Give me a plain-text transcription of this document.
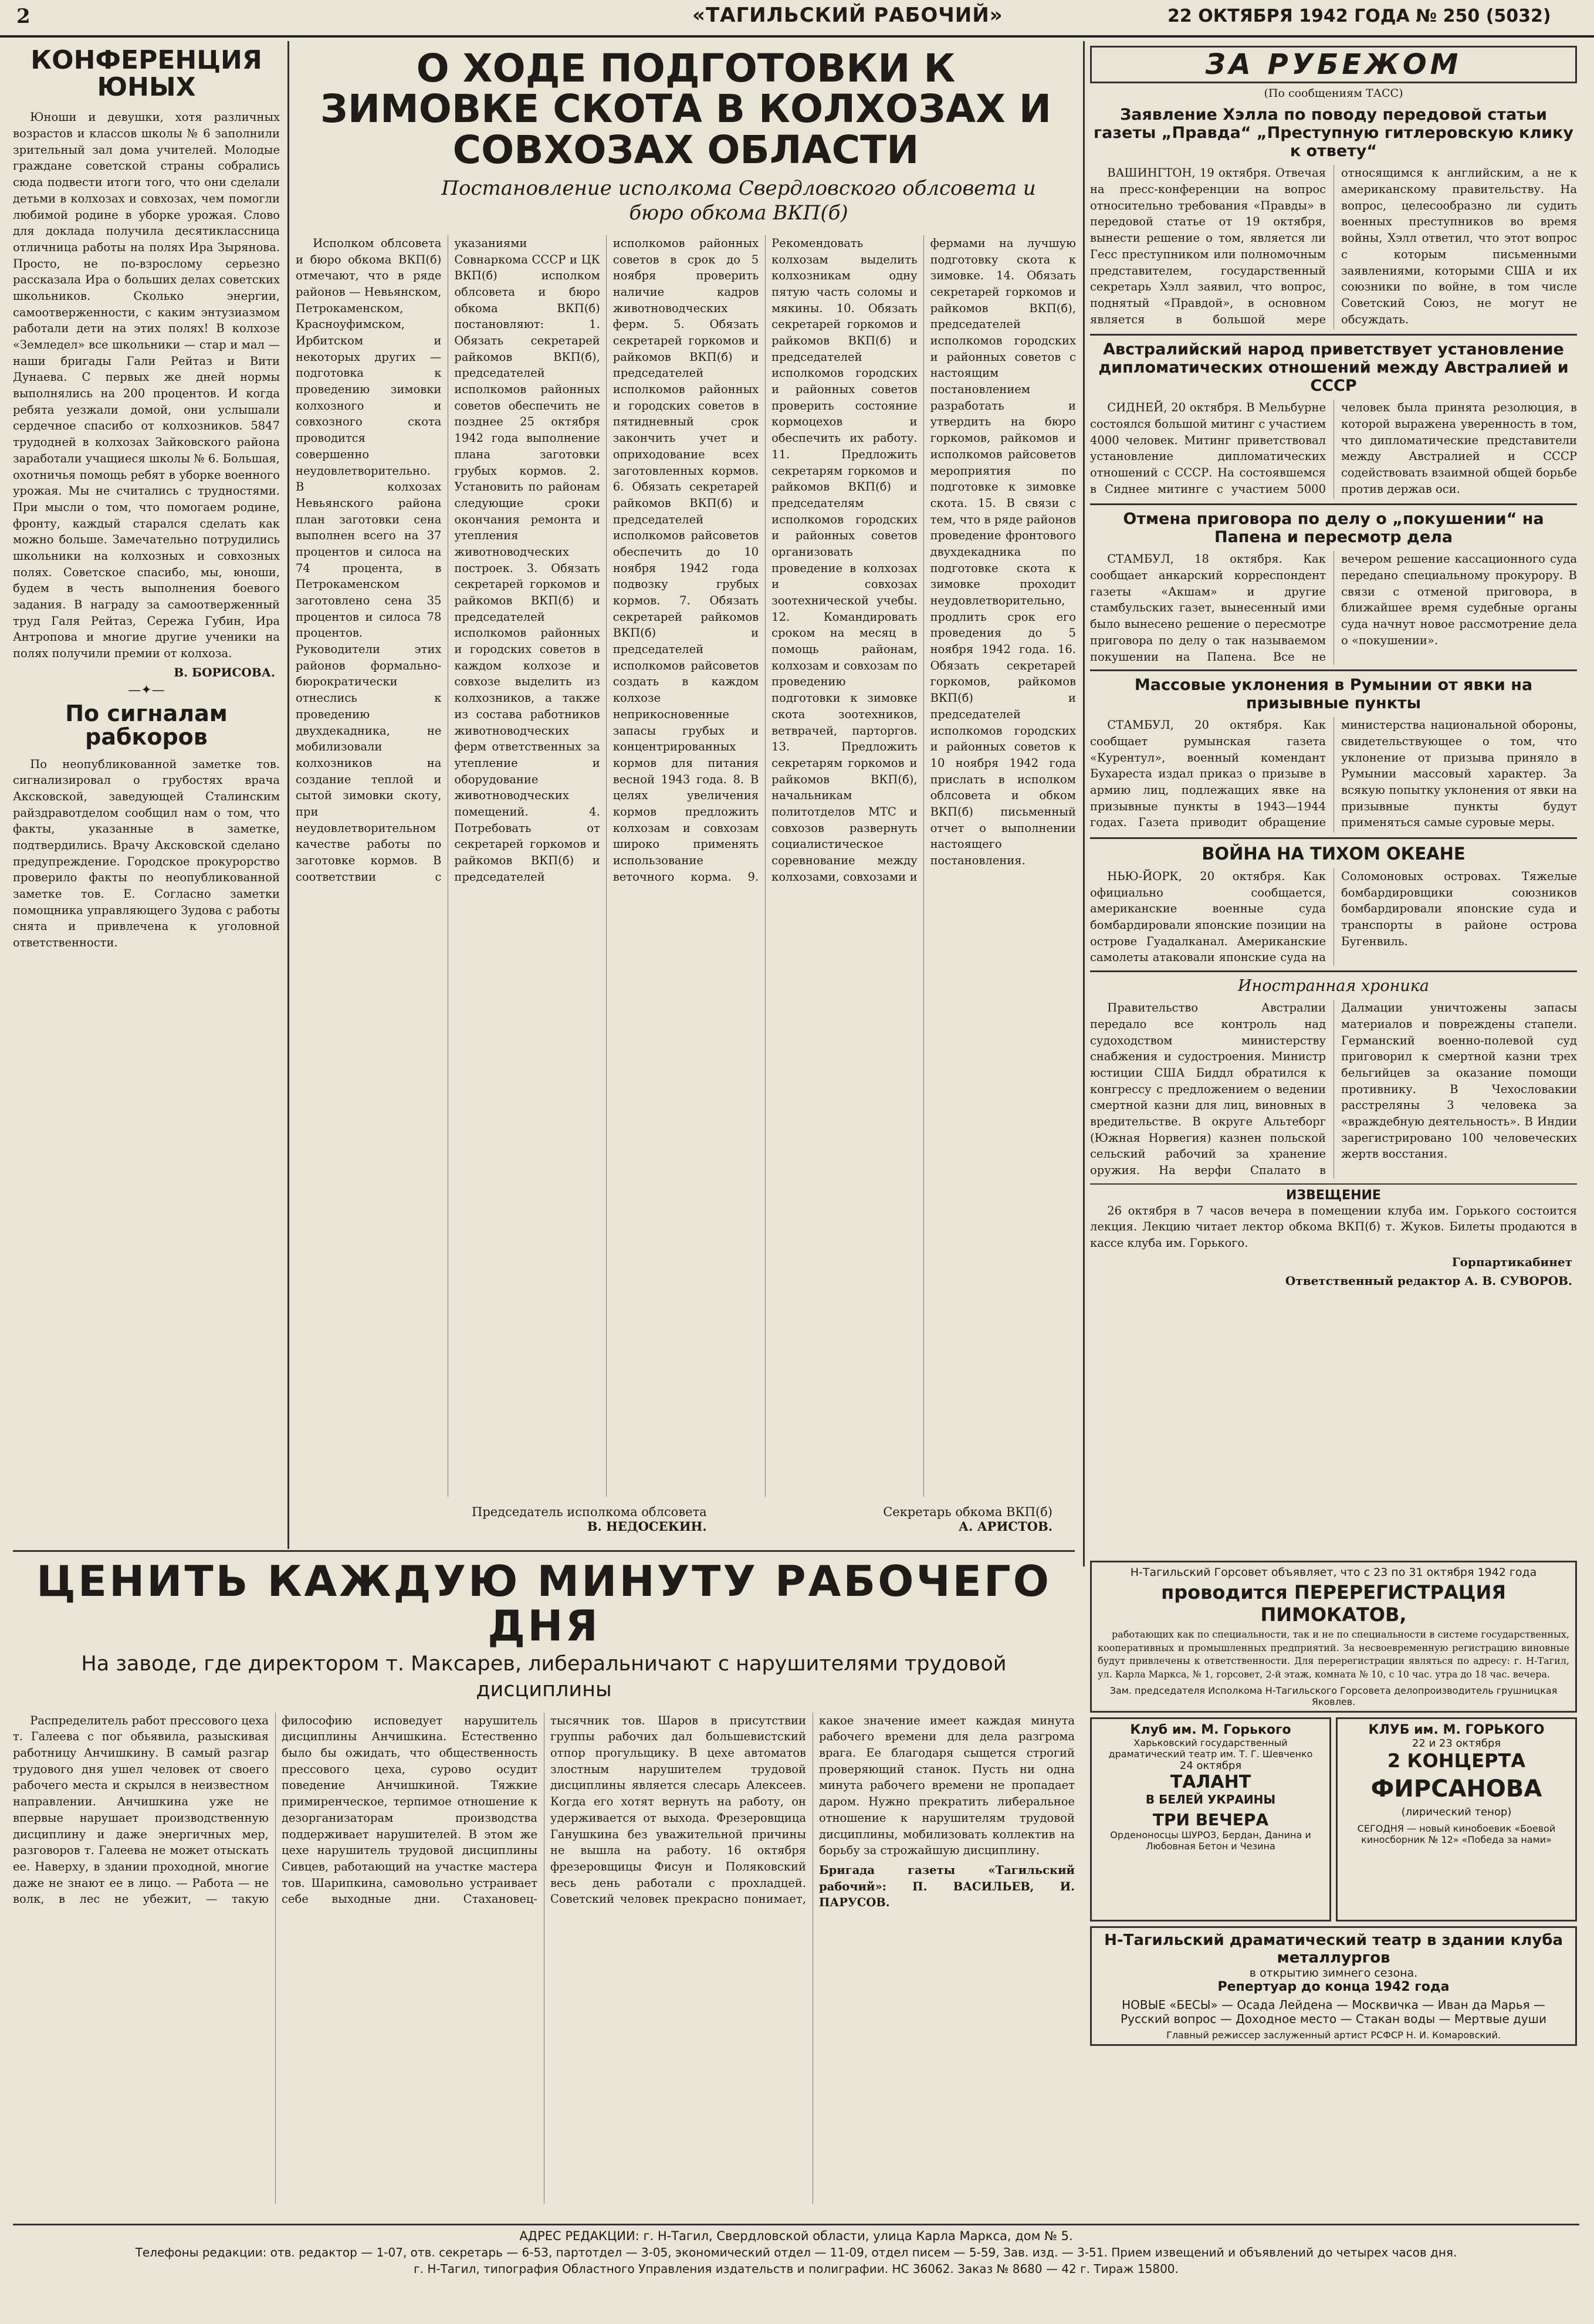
2	«ТАГИЛЬСКИЙ РАБОЧИЙ»	22 ОКТЯБРЯ 1942 ГОДА № 250 (5032)
КОНФЕРЕНЦИЯ ЮНЫХ

Юноши и девушки, хотя различных возрастов и классов школы № 6 заполнили зрительный зал дома учителей. Молодые граждане советской страны собрались сюда подвести итоги того, что они сделали детьми в колхозах и совхозах, чем помогли любимой родине в уборке урожая. Слово для доклада получила десятиклассница отличница работы на полях Ира Зырянова. Просто, не по-взрослому серьезно рассказала Ира о больших делах советских школьников. Сколько энергии, самоотверженности, с каким энтузиазмом работали дети на этих полях! В колхозе «Земледел» все школьники — стар и мал — наши бригады Гали Рейтаз и Вити Дунаева. С первых же дней нормы выполнялись на 200 процентов. И когда ребята уезжали домой, они услышали сердечное спасибо от колхозников. 5847 трудодней в колхозах Зайковского района заработали учащиеся школы № 6. Большая, охотничья помощь ребят в уборке военного урожая. Мы не считались с трудностями. При мысли о том, что помогаем родине, фронту, каждый старался сделать как можно больше. Замечательно потрудились школьники на колхозных и совхозных полях. Советское спасибо, мы, юноши, будем в честь выполнения боевого задания. В награду за самоотверженный труд Галя Рейтаз, Сережа Губин, Ира Антропова и многие другие ученики на полях получили премии от колхоза.

В. БОРИСОВА.
—✦—
По сигналам рабкоров

По неопубликованной заметке тов. сигнализировал о грубостях врача Аксковской, заведующей Сталинским райздравотделом сообщил нам о том, что факты, указанные в заметке, подтвердились. Врачу Аксковской сделано предупреждение. Городское прокурорство проверило факты по неопубликованной заметке тов. Е. Согласно заметки помощника управляющего Зудова с работы снята и привлечена к уголовной ответственности.

О ХОДЕ ПОДГОТОВКИ К ЗИМОВКЕ СКОТА В КОЛХОЗАХ И СОВХОЗАХ ОБЛАСТИ
Постановление исполкома Свердловского облсовета и бюро обкома ВКП(б)

Исполком облсовета и бюро обкома ВКП(б) отмечают, что в ряде районов — Невьянском, Петрокаменском, Красноуфимском, Ирбитском и некоторых других — подготовка к проведению зимовки колхозного и совхозного скота проводится совершенно неудовлетворительно. В колхозах Невьянского района план заготовки сена выполнен всего на 37 процентов и силоса на 74 процента, в Петрокаменском заготовлено сена 35 процентов и силоса 78 процентов. Руководители этих районов формально-бюрократически отнеслись к проведению двухдекадника, не мобилизовали колхозников на создание теплой и сытой зимовки скоту, при неудовлетворительном качестве работы по заготовке кормов. В соответствии с указаниями Совнаркома СССР и ЦК ВКП(б) исполком облсовета и бюро обкома ВКП(б) постановляют: 1. Обязать секретарей райкомов ВКП(б), председателей исполкомов районных советов обеспечить не позднее 25 октября 1942 года выполнение плана заготовки грубых кормов. 2. Установить по районам следующие сроки окончания ремонта и утепления животноводческих построек. 3. Обязать секретарей горкомов и райкомов ВКП(б) и председателей исполкомов районных и городских советов в каждом колхозе и совхозе выделить из колхозников, а также из состава работников животноводческих ферм ответственных за утепление и оборудование животноводческих помещений. 4. Потребовать от секретарей горкомов и райкомов ВКП(б) и председателей исполкомов районных советов в срок до 5 ноября проверить наличие кадров животноводческих ферм. 5. Обязать секретарей горкомов и райкомов ВКП(б) и председателей исполкомов районных и городских советов в пятидневный срок закончить учет и оприходование всех заготовленных кормов. 6. Обязать секретарей райкомов ВКП(б) и председателей исполкомов райсоветов обеспечить до 10 ноября 1942 года подвозку грубых кормов. 7. Обязать секретарей райкомов ВКП(б) и председателей исполкомов райсоветов создать в каждом колхозе неприкосновенные запасы грубых и концентрированных кормов для питания весной 1943 года. 8. В целях увеличения кормов предложить колхозам и совхозам широко применять использование веточного корма. 9. Рекомендовать колхозам выделить колхозникам одну пятую часть соломы и мякины. 10. Обязать секретарей горкомов и райкомов ВКП(б) и председателей исполкомов городских и районных советов проверить состояние кормоцехов и обеспечить их работу. 11. Предложить секретарям горкомов и райкомов ВКП(б) и председателям исполкомов городских и районных советов организовать проведение в колхозах и совхозах зоотехнической учебы. 12. Командировать сроком на месяц в помощь районам, колхозам и совхозам по проведению подготовки к зимовке скота зоотехников, ветврачей, парторгов. 13. Предложить секретарям горкомов и райкомов ВКП(б), начальникам политотделов МТС и совхозов развернуть социалистическое соревнование между колхозами, совхозами и фермами на лучшую подготовку скота к зимовке. 14. Обязать секретарей горкомов и райкомов ВКП(б), председателей исполкомов городских и районных советов с настоящим постановлением разработать и утвердить на бюро горкомов, райкомов и исполкомов райсоветов мероприятия по подготовке к зимовке скота. 15. В связи с тем, что в ряде районов проведение фронтового двухдекадника по подготовке скота к зимовке проходит неудовлетворительно, продлить срок его проведения до 5 ноября 1942 года. 16. Обязать секретарей горкомов, райкомов ВКП(б) и председателей исполкомов городских и районных советов к 10 ноября 1942 года прислать в исполком облсовета и обком ВКП(б) письменный отчет о выполнении настоящего постановления.

Председатель исполкома облсовета
В. НЕДОСЕКИН.
Секретарь обкома ВКП(б)
А. АРИСТОВ.
ЗА РУБЕЖОМ
(По сообщениям ТАСС)
Заявление Хэлла по поводу передовой статьи газеты „Правда“ „Преступную гитлеровскую клику к ответу“

ВАШИНГТОН, 19 октября. Отвечая на пресс-конференции на вопрос относительно требования «Правды» в передовой статье от 19 октября, вынести решение о том, является ли Гесс преступником или полномочным представителем, государственный секретарь Хэлл заявил, что вопрос, поднятый «Правдой», в основном является в большой мере относящимся к английским, а не к американскому правительству. На вопрос, целесообразно ли судить военных преступников во время войны, Хэлл ответил, что этот вопрос с которым письменными заявлениями, которыми США и их союзники по войне, в том числе Советский Союз, не могут не обсуждать.

Австралийский народ приветствует установление дипломатических отношений между Австралией и СССР

СИДНЕЙ, 20 октября. В Мельбурне состоялся большой митинг с участием 4000 человек. Митинг приветствовал установление дипломатических отношений с СССР. На состоявшемся в Сиднее митинге с участием 5000 человек была принята резолюция, в которой выражена уверенность в том, что дипломатические представители между Австралией и СССР содействовать взаимной общей борьбе против держав оси.

Отмена приговора по делу о „покушении“ на Папена и пересмотр дела

СТАМБУЛ, 18 октября. Как сообщает анкарский корреспондент газеты «Акшам» и другие стамбульских газет, вынесенный ими было вынесено решение о пересмотре приговора по делу о так называемом покушении на Папена. Все не вечером решение кассационного суда передано специальному прокурору. В связи с отменой приговора, в ближайшее время судебные органы суда начнут новое рассмотрение дела о «покушении».

Массовые уклонения в Румынии от явки на призывные пункты

СТАМБУЛ, 20 октября. Как сообщает румынская газета «Курентул», военный комендант Бухареста издал приказ о призыве в армию лиц, подлежащих явке на призывные пункты в 1943—1944 годах. Газета приводит обращение министерства национальной обороны, свидетельствующее о том, что уклонение от призыва приняло в Румынии массовый характер. За всякую попытку уклонения от явки на призывные пункты будут применяться самые суровые меры.

ВОЙНА НА ТИХОМ ОКЕАНЕ

НЬЮ-ЙОРК, 20 октября. Как официально сообщается, американские военные суда бомбардировали японские позиции на острове Гуадалканал. Американские самолеты атаковали японские суда на Соломоновых островах. Тяжелые бомбардировщики союзников бомбардировали японские суда и транспорты в районе острова Бугенвиль.

Иностранная хроника

Правительство Австралии передало все контроль над судоходством министерству снабжения и судостроения. Министр юстиции США Биддл обратился к конгрессу с предложением о ведении смертной казни для лиц, виновных в вредительстве. В округе Альтеборг (Южная Норвегия) казнен польской сельский рабочий за хранение оружия. На верфи Спалато в Далмации уничтожены запасы материалов и повреждены стапели. Германский военно-полевой суд приговорил к смертной казни трех бельгийцев за оказание помощи противнику. В Чехословакии расстреляны 3 человека за «враждебную деятельность». В Индии зарегистрировано 100 человеческих жертв восстания.

ИЗВЕЩЕНИЕ

26 октября в 7 часов вечера в помещении клуба им. Горького состоится лекция. Лекцию читает лектор обкома ВКП(б) т. Жуков. Билеты продаются в кассе клуба им. Горького.

Горпартикабинет
Ответственный редактор А. В. СУВОРОВ.
ЦЕНИТЬ КАЖДУЮ МИНУТУ РАБОЧЕГО ДНЯ
На заводе, где директором т. Максарев, либеральничают с нарушителями трудовой дисциплины

Распределитель работ прессового цеха т. Галеева с пог обьявила, разыскивая работницу Анчишкину. В самый разгар трудового дня ушел человек от своего рабочего места и скрылся в неизвестном направлении. Анчишкина уже не впервые нарушает производственную дисциплину и даже энергичных мер, разговоров т. Галеева не может отыскать ее. Наверху, в здании проходной, многие даже не знают ее в лицо. — Работа — не волк, в лес не убежит, — такую философию исповедует нарушитель дисциплины Анчишкина. Естественно было бы ожидать, что общественность прессового цеха, сурово осудит поведение Анчишкиной. Тяжкие примиренческое, терпимое отношение к дезорганизаторам производства поддерживает нарушителей. В этом же цехе нарушитель трудовой дисциплины Сивцев, работающий на участке мастера тов. Шарипкина, самовольно устраивает себе выходные дни. Стахановец-тысячник тов. Шаров в присутствии группы рабочих дал большевистский отпор прогульщику. В цехе автоматов злостным нарушителем трудовой дисциплины является слесарь Алексеев. Когда его хотят вернуть на работу, он удерживается от выхода. Фрезеровщица Ганушкина без уважительной причины не вышла на работу. 16 октября фрезеровщицы Фисун и Поляковский весь день работали с прохладцей. Советский человек прекрасно понимает, какое значение имеет каждая минута рабочего времени для дела разгрома врага. Ее благодаря сыщется строгий проверяющий станок. Пусть ни одна минута рабочего времени не пропадает даром. Нужно прекратить либеральное отношение к нарушителям трудовой дисциплины, мобилизовать коллектив на борьбу за строжайшую дисциплину.

Бригада газеты «Тагильский рабочий»: П. ВАСИЛЬЕВ, И. ПАРУСОВ.

Н-Тагильский Горсовет объявляет, что с 23 по 31 октября 1942 года
проводится ПЕРЕРЕГИСТРАЦИЯ ПИМОКАТОВ,

работающих как по специальности, так и не по специальности в системе государственных, кооперативных и промышленных предприятий. За несвоевременную регистрацию виновные будут привлечены к ответственности. Для перерегистрации являться по адресу: г. Н-Тагил, ул. Карла Маркса, № 1, горсовет, 2-й этаж, комната № 10, с 10 час. утра до 18 час. вечера.

Зам. председателя Исполкома Н-Тагильского Горсовета делопроизводитель грушницкая Яковлев.
Клуб им. М. Горького
Харьковский государственный драматический театр им. Т. Г. Шевченко
24 октября
ТАЛАНТ
В БЕЛЕЙ УКРАИНЫ
ТРИ ВЕЧЕРА
Орденоносцы ШУРОЗ, Бердан, Данина и Любовная Бетон и Чезина
КЛУБ им. М. ГОРЬКОГО
22 и 23 октября
2 КОНЦЕРТА
ФИРСАНОВА
(лирический тенор)
СЕГОДНЯ — новый кинобоевик «Боевой киносборник № 12» «Победа за нами»
Н-Тагильский драматический театр в здании клуба металлургов
в открытию зимнего сезона.
Репертуар до конца 1942 года
НОВЫЕ «БЕСЫ» — Осада Лейдена — Москвичка — Иван да Марья — Русский вопрос — Доходное место — Стакан воды — Мертвые души
Главный режиссер заслуженный артист РСФСР Н. И. Комаровский.
АДРЕС РЕДАКЦИИ: г. Н-Тагил, Свердловской области, улица Карла Маркса, дом № 5.
Телефоны редакции: отв. редактор — 1-07, отв. секретарь — 6-53, партотдел — 3-05, экономический отдел — 11-09, отдел писем — 5-59, Зав. изд. — 3-51. Прием извещений и объявлений до четырех часов дня.
г. Н-Тагил, типография Областного Управления издательств и полиграфии. НС 36062. Заказ № 8680 — 42 г. Тираж 15800.
